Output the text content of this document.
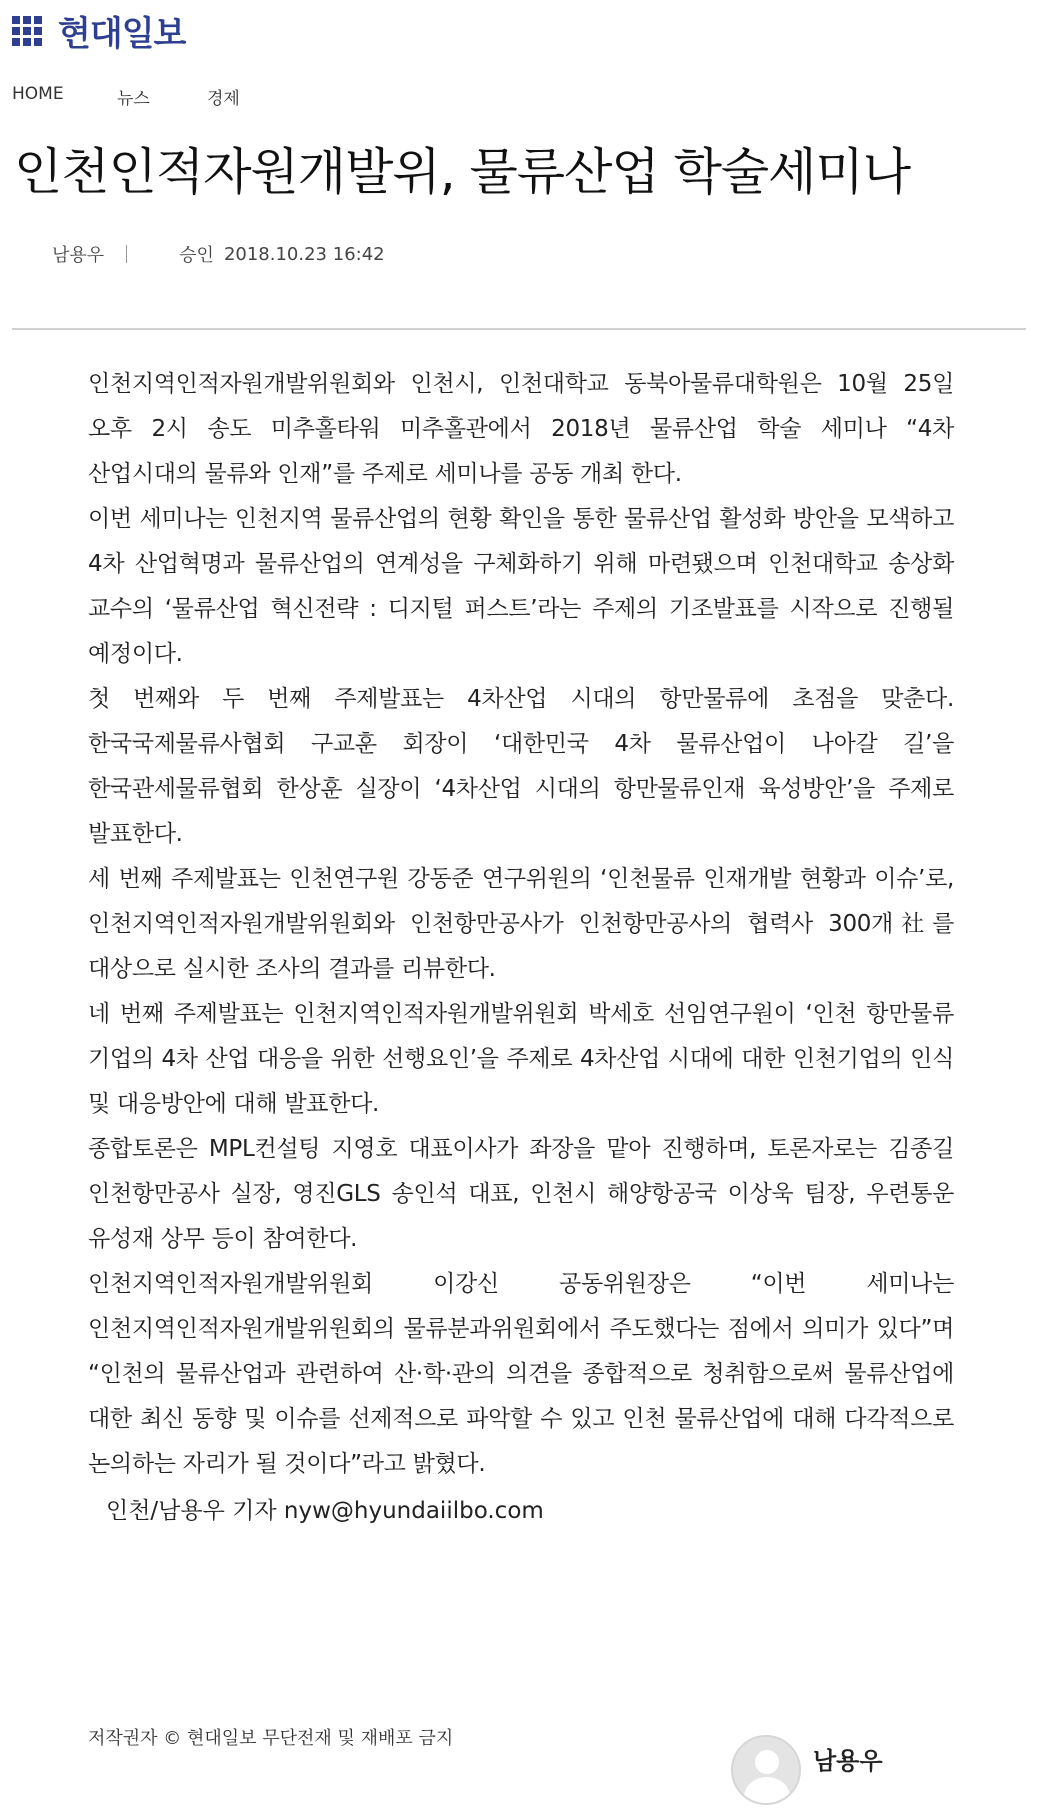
현대일보
HOME	뉴스	경제
인천인적자원개발위, 물류산업 학술세미나
남용우	승인 2018.10.23 16:42

인천지역인적자원개발위원회와 인천시, 인천대학교 동북아물류대학원은 10월 25일 오후 2시 송도 미추홀타워 미추홀관에서 2018년 물류산업 학술 세미나 “4차 산업시대의 물류와 인재”를 주제로 세미나를 공동 개최 한다.

이번 세미나는 인천지역 물류산업의 현황 확인을 통한 물류산업 활성화 방안을 모색하고 4차 산업혁명과 물류산업의 연계성을 구체화하기 위해 마련됐으며 인천대학교 송상화 교수의 ‘물류산업 혁신전략 : 디지털 퍼스트’라는 주제의 기조발표를 시작으로 진행될 예정이다.

첫 번째와 두 번째 주제발표는 4차산업 시대의 항만물류에 초점을 맞춘다. 한국국제물류사협회 구교훈 회장이 ‘대한민국 4차 물류산업이 나아갈 길’을 한국관세물류협회 한상훈 실장이 ‘4차산업 시대의 항만물류인재 육성방안’을 주제로 발표한다.

세 번째 주제발표는 인천연구원 강동준 연구위원의 ‘인천물류 인재개발 현황과 이슈’로, 인천지역인적자원개발위원회와 인천항만공사가 인천항만공사의 협력사 300개社를 대상으로 실시한 조사의 결과를 리뷰한다.

네 번째 주제발표는 인천지역인적자원개발위원회 박세호 선임연구원이 ‘인천 항만물류 기업의 4차 산업 대응을 위한 선행요인’을 주제로 4차산업 시대에 대한 인천기업의 인식 및 대응방안에 대해 발표한다.

종합토론은 MPL컨설팅 지영호 대표이사가 좌장을 맡아 진행하며, 토론자로는 김종길 인천항만공사 실장, 영진GLS 송인석 대표, 인천시 해양항공국 이상욱 팀장, 우련통운 유성재 상무 등이 참여한다.

인천지역인적자원개발위원회 이강신 공동위원장은 “이번 세미나는 인천지역인적자원개발위원회의 물류분과위원회에서 주도했다는 점에서 의미가 있다”며 “인천의 물류산업과 관련하여 산·학·관의 의견을 종합적으로 청취함으로써 물류산업에 대한 최신 동향 및 이슈를 선제적으로 파악할 수 있고 인천 물류산업에 대해 다각적으로 논의하는 자리가 될 것이다”라고 밝혔다.

인천/남용우 기자 nyw@hyundaiilbo.com
저작권자 © 현대일보 무단전재 및 재배포 금지
남용우
